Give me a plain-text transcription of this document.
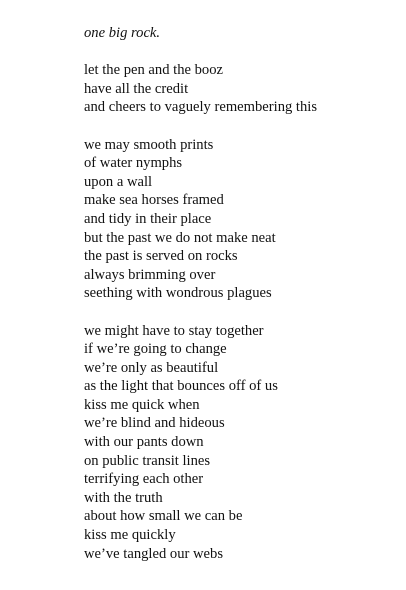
one big rock.
let the pen and the booz
have all the credit
and cheers to vaguely remembering this
we may smooth prints
of water nymphs
upon a wall
make sea horses framed
and tidy in their place
but the past we do not make neat
the past is served on rocks
always brimming over
seething with wondrous plagues
we might have to stay together
if we’re going to change
we’re only as beautiful
as the light that bounces off of us
kiss me quick when
we’re blind and hideous
with our pants down
on public transit lines
terrifying each other
with the truth
about how small we can be
kiss me quickly
we’ve tangled our webs
